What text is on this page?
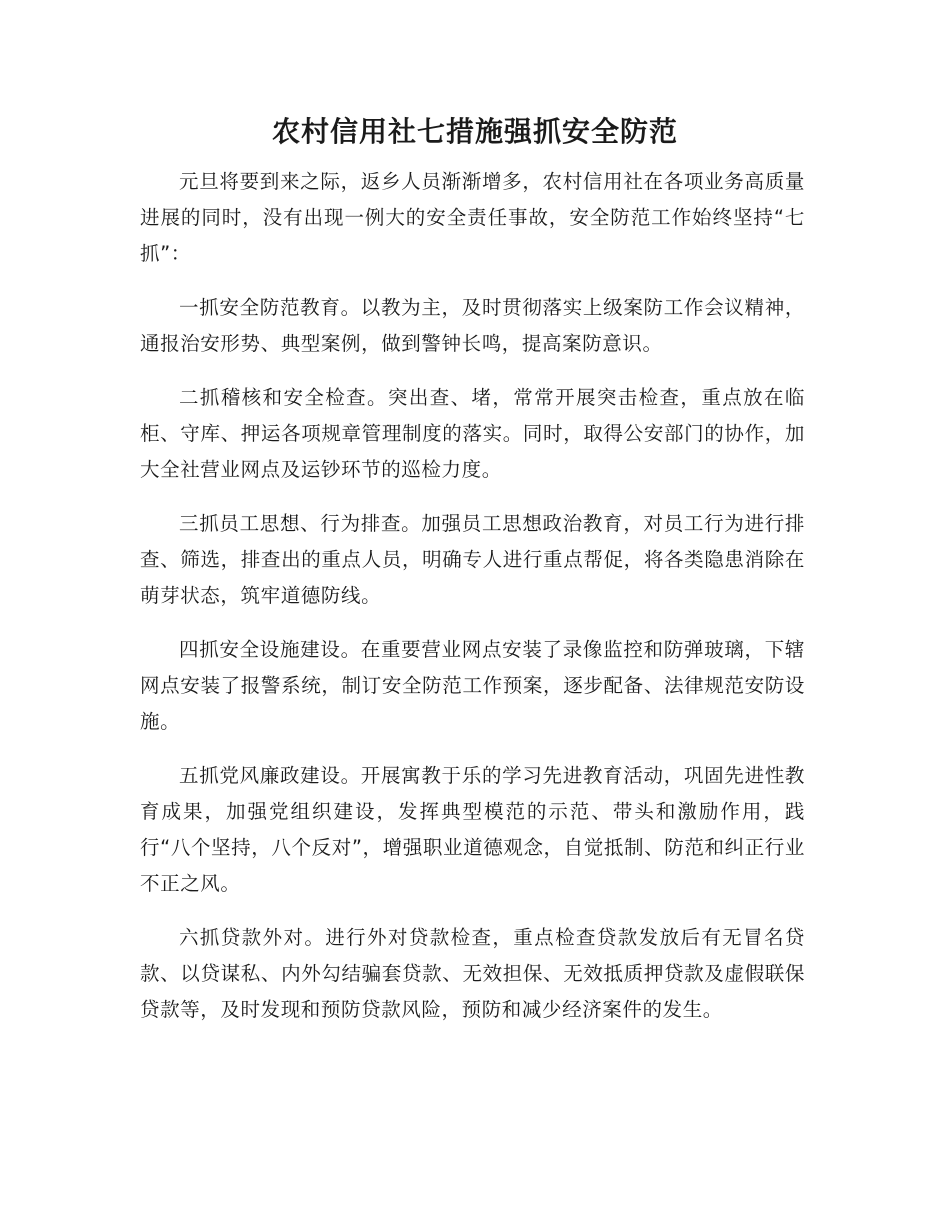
农村信用社七措施强抓安全防范

元旦将要到来之际，返乡人员渐渐增多，农村信用社在各项业务高质量进展的同时，没有出现一例大的安全责任事故，安全防范工作始终坚持“七抓”：

一抓安全防范教育。以教为主，及时贯彻落实上级案防工作会议精神，通报治安形势、典型案例，做到警钟长鸣，提高案防意识。

二抓稽核和安全检查。突出查、堵，常常开展突击检查，重点放在临柜、守库、押运各项规章管理制度的落实。同时，取得公安部门的协作，加大全社营业网点及运钞环节的巡检力度。

三抓员工思想、行为排查。加强员工思想政治教育，对员工行为进行排查、筛选，排查出的重点人员，明确专人进行重点帮促，将各类隐患消除在萌芽状态，筑牢道德防线。

四抓安全设施建设。在重要营业网点安装了录像监控和防弹玻璃，下辖网点安装了报警系统，制订安全防范工作预案，逐步配备、法律规范安防设施。

五抓党风廉政建设。开展寓教于乐的学习先进教育活动，巩固先进性教育成果，加强党组织建设，发挥典型模范的示范、带头和激励作用，践行“八个坚持，八个反对”，增强职业道德观念，自觉抵制、防范和纠正行业不正之风。

六抓贷款外对。进行外对贷款检查，重点检查贷款发放后有无冒名贷款、以贷谋私、内外勾结骗套贷款、无效担保、无效抵质押贷款及虚假联保贷款等，及时发现和预防贷款风险，预防和减少经济案件的发生。
